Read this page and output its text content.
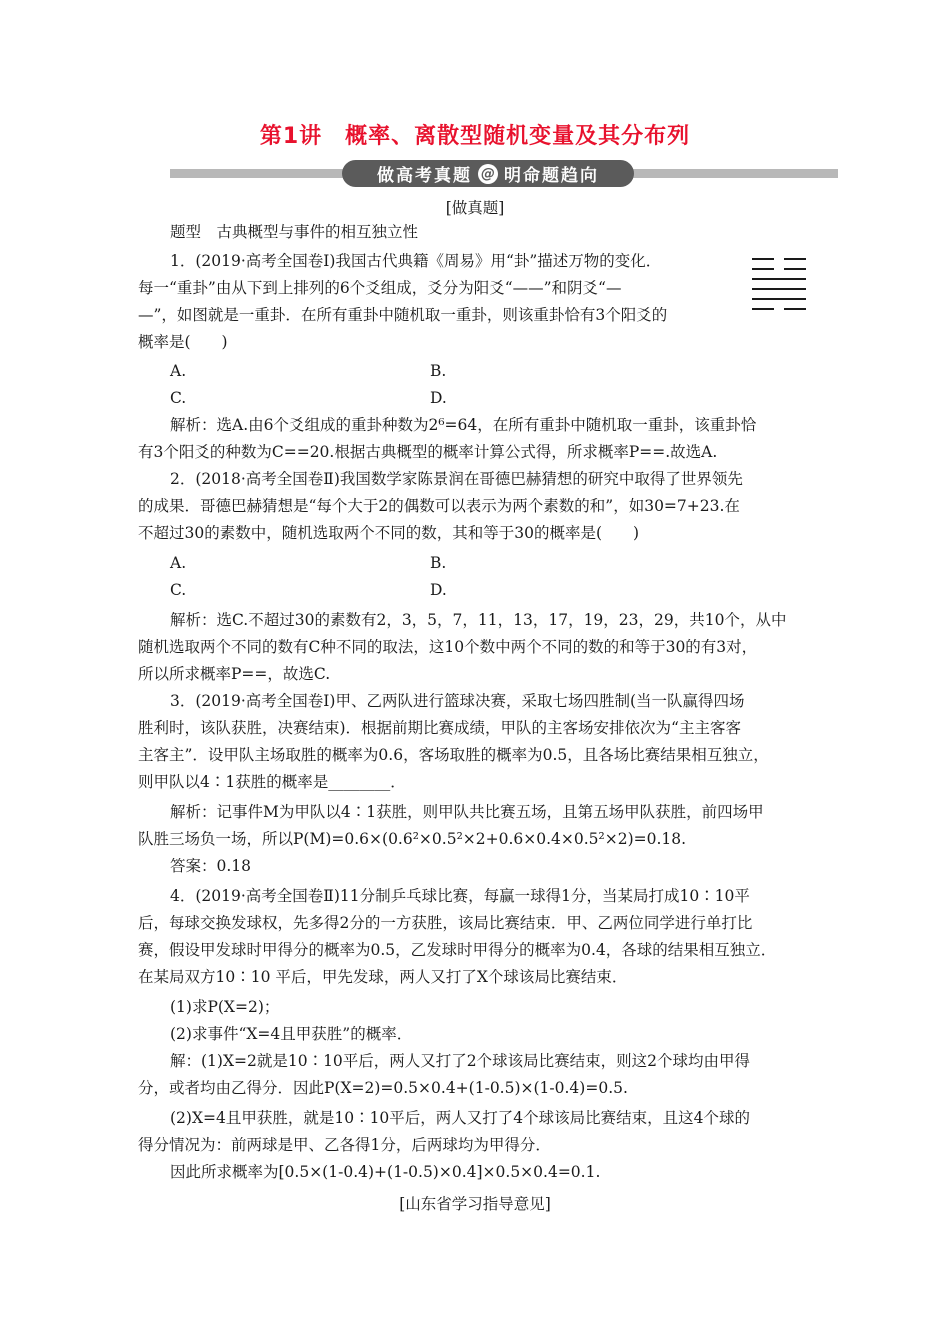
第1讲　概率、离散型随机变量及其分布列
做高考真题 @ 明命题趋向
[做真题]
题型　古典概型与事件的相互独立性
1．(2019·高考全国卷Ⅰ)我国古代典籍《周易》用“卦”描述万物的变化．
每一“重卦”由从下到上排列的6个爻组成，爻分为阳爻“——”和阴爻“—
—”，如图就是一重卦．在所有重卦中随机取一重卦，则该重卦恰有3个阳爻的
概率是(　　)
A.	B.
C.	D.
解析：选A.由6个爻组成的重卦种数为2⁶=64，在所有重卦中随机取一重卦，该重卦恰
有3个阳爻的种数为C==20.根据古典概型的概率计算公式得，所求概率P==.故选A.
2．(2018·高考全国卷Ⅱ)我国数学家陈景润在哥德巴赫猜想的研究中取得了世界领先
的成果．哥德巴赫猜想是“每个大于2的偶数可以表示为两个素数的和”，如30=7+23.在
不超过30的素数中，随机选取两个不同的数，其和等于30的概率是(　　)
A.	B.
C.	D.
解析：选C.不超过30的素数有2，3，5，7，11，13，17，19，23，29，共10个，从中
随机选取两个不同的数有C种不同的取法，这10个数中两个不同的数的和等于30的有3对，
所以所求概率P==，故选C.
3．(2019·高考全国卷Ⅰ)甲、乙两队进行篮球决赛，采取七场四胜制(当一队赢得四场
胜利时，该队获胜，决赛结束)．根据前期比赛成绩，甲队的主客场安排依次为“主主客客
主客主”．设甲队主场取胜的概率为0.6，客场取胜的概率为0.5，且各场比赛结果相互独立，
则甲队以4∶1获胜的概率是________．
解析：记事件M为甲队以4∶1获胜，则甲队共比赛五场，且第五场甲队获胜，前四场甲
队胜三场负一场，所以P(M)=0.6×(0.6²×0.5²×2+0.6×0.4×0.5²×2)=0.18.
答案：0.18
4．(2019·高考全国卷Ⅱ)11分制乒乓球比赛，每赢一球得1分，当某局打成10∶10平
后，每球交换发球权，先多得2分的一方获胜，该局比赛结束．甲、乙两位同学进行单打比
赛，假设甲发球时甲得分的概率为0.5，乙发球时甲得分的概率为0.4，各球的结果相互独立．
在某局双方10∶10 平后，甲先发球，两人又打了X个球该局比赛结束．
(1)求P(X=2)；
(2)求事件“X=4且甲获胜”的概率．
解：(1)X=2就是10∶10平后，两人又打了2个球该局比赛结束，则这2个球均由甲得
分，或者均由乙得分．因此P(X=2)=0.5×0.4+(1-0.5)×(1-0.4)=0.5.
(2)X=4且甲获胜，就是10∶10平后，两人又打了4个球该局比赛结束，且这4个球的
得分情况为：前两球是甲、乙各得1分，后两球均为甲得分．
因此所求概率为[0.5×(1-0.4)+(1-0.5)×0.4]×0.5×0.4=0.1.
[山东省学习指导意见]
